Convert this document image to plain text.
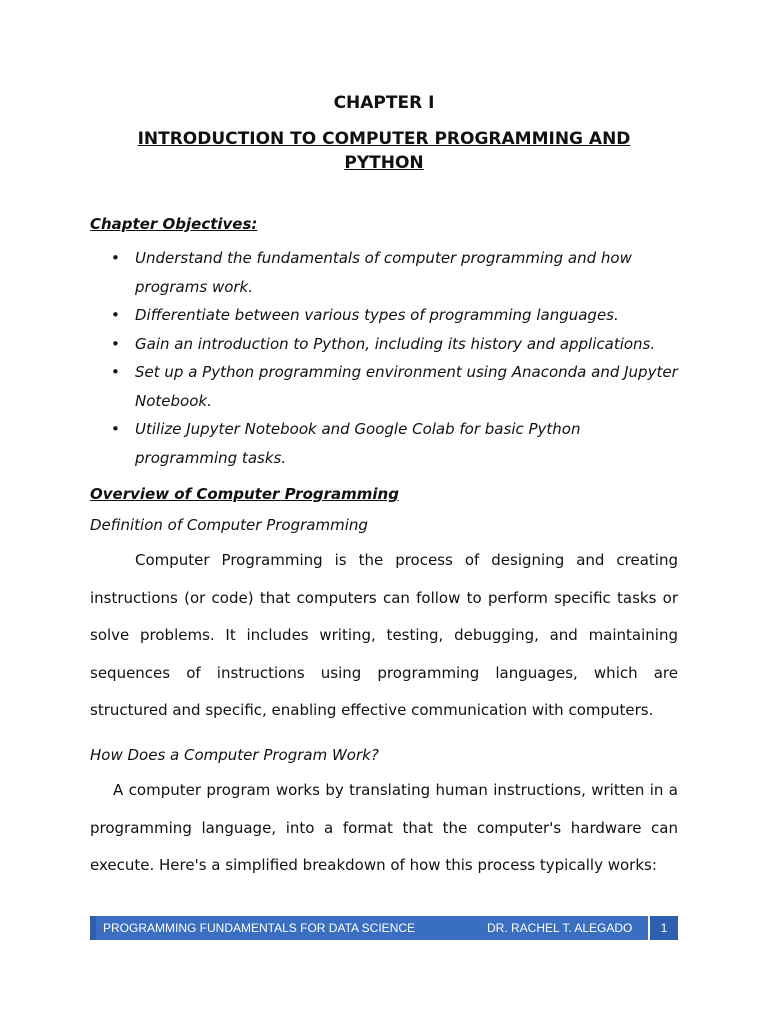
CHAPTER I
INTRODUCTION TO COMPUTER PROGRAMMING AND PYTHON
Chapter Objectives:
• Understand the fundamentals of computer programming and how programs work.
• Differentiate between various types of programming languages.
• Gain an introduction to Python, including its history and applications.
• Set up a Python programming environment using Anaconda and Jupyter Notebook.
• Utilize Jupyter Notebook and Google Colab for basic Python programming tasks.
Overview of Computer Programming
Definition of Computer Programming

Computer Programming is the process of designing and creating instructions (or code) that computers can follow to perform specific tasks or solve problems. It includes writing, testing, debugging, and maintaining sequences of instructions using programming languages, which are structured and specific, enabling effective communication with computers.

How Does a Computer Program Work?

A computer program works by translating human instructions, written in a programming language, into a format that the computer's hardware can execute. Here's a simplified breakdown of how this process typically works:

PROGRAMMING FUNDAMENTALS FOR DATA SCIENCE	DR. RACHEL T. ALEGADO	1
